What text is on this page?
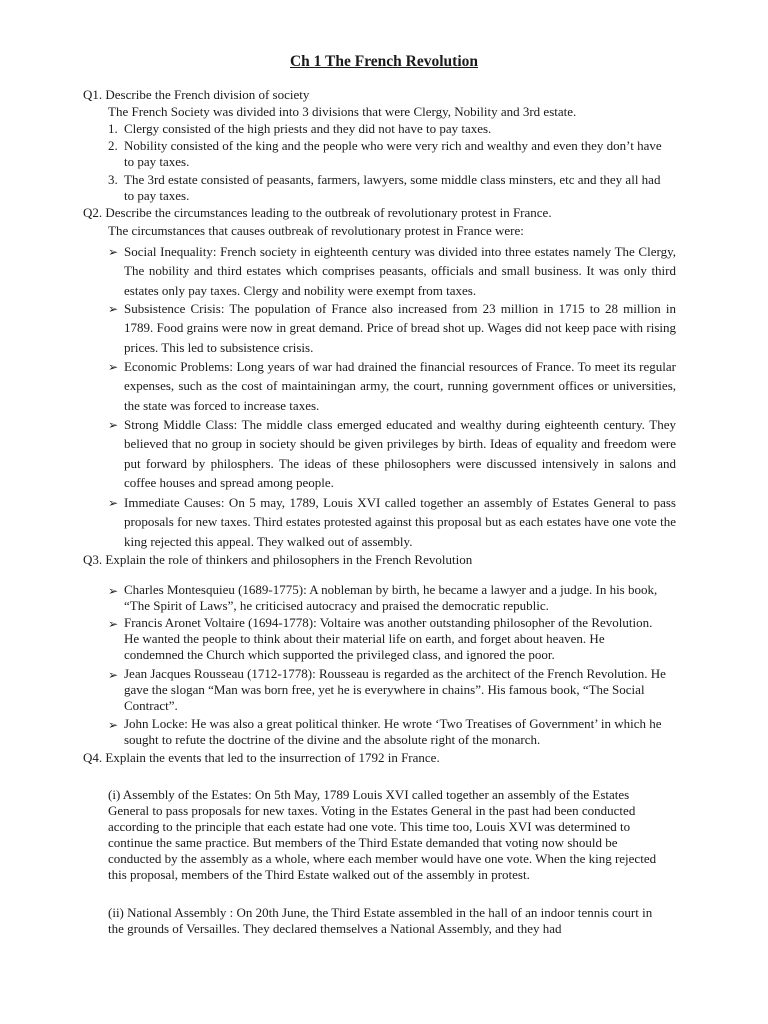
Ch 1 The French Revolution
Q1. Describe the French division of society
The French Society was divided into 3 divisions that were Clergy, Nobility and 3rd estate.
1. Clergy consisted of the high priests and they did not have to pay taxes.
2. Nobility consisted of the king and the people who were very rich and wealthy and even they don’t have to pay taxes.
3. The 3rd estate consisted of peasants, farmers, lawyers, some middle class minsters, etc and they all had to pay taxes.
Q2. Describe the circumstances leading to the outbreak of revolutionary protest in France.
The circumstances that causes outbreak of revolutionary protest in France were:
➢ Social Inequality: French society in eighteenth century was divided into three estates namely The Clergy, The nobility and third estates which comprises peasants, officials and small business. It was only third estates only pay taxes. Clergy and nobility were exempt from taxes.
➢ Subsistence Crisis: The population of France also increased from 23 million in 1715 to 28 million in 1789. Food grains were now in great demand. Price of bread shot up. Wages did not keep pace with rising prices. This led to subsistence crisis.
➢ Economic Problems: Long years of war had drained the financial resources of France. To meet its regular expenses, such as the cost of maintainingan army, the court, running government offices or universities, the state was forced to increase taxes.
➢ Strong Middle Class: The middle class emerged educated and wealthy during eighteenth century. They believed that no group in society should be given privileges by birth. Ideas of equality and freedom were put forward by philosphers. The ideas of these philosophers were discussed intensively in salons and coffee houses and spread among people.
➢ Immediate Causes: On 5 may, 1789, Louis XVI called together an assembly of Estates General to pass proposals for new taxes. Third estates protested against this proposal but as each estates have one vote the king rejected this appeal. They walked out of assembly.
Q3. Explain the role of thinkers and philosophers in the French Revolution
➢ Charles Montesquieu (1689-1775): A nobleman by birth, he became a lawyer and a judge. In his book, “The Spirit of Laws”, he criticised autocracy and praised the democratic republic.
➢ Francis Aronet Voltaire (1694-1778): Voltaire was another outstanding philosopher of the Revolution. He wanted the people to think about their material life on earth, and forget about heaven. He condemned the Church which supported the privileged class, and ignored the poor.
➢ Jean Jacques Rousseau (1712-1778): Rousseau is regarded as the architect of the French Revolution. He gave the slogan “Man was born free, yet he is everywhere in chains”. His famous book, “The Social Contract”.
➢ John Locke: He was also a great political thinker. He wrote ‘Two Treatises of Government’ in which he sought to refute the doctrine of the divine and the absolute right of the monarch.
Q4. Explain the events that led to the insurrection of 1792 in France.
(i) Assembly of the Estates: On 5th May, 1789 Louis XVI called together an assembly of the Estates General to pass proposals for new taxes. Voting in the Estates General in the past had been conducted according to the principle that each estate had one vote. This time too, Louis XVI was determined to continue the same practice. But members of the Third Estate demanded that voting now should be conducted by the assembly as a whole, where each member would have one vote. When the king rejected this proposal, members of the Third Estate walked out of the assembly in protest.
(ii) National Assembly : On 20th June, the Third Estate assembled in the hall of an indoor tennis court in the grounds of Versailles. They declared themselves a National Assembly, and they had
